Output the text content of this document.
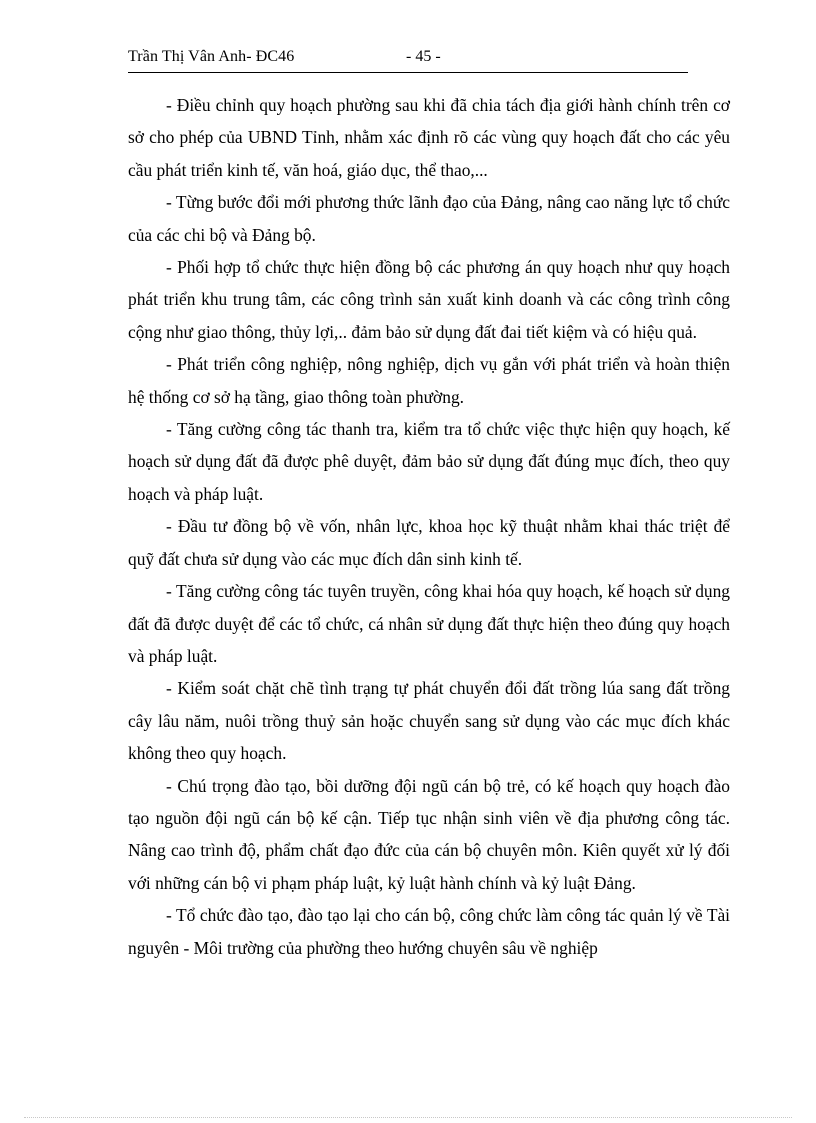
Trần Thị Vân Anh- ĐC46	- 45 -

- Điều chỉnh quy hoạch phường sau khi đã chia tách địa giới hành chính trên cơ sở cho phép của UBND Tỉnh, nhằm xác định rõ các vùng quy hoạch đất cho các yêu cầu phát triển kinh tế, văn hoá, giáo dục, thể thao,...

- Từng bước đổi mới phương thức lãnh đạo của Đảng, nâng cao năng lực tổ chức của các chi bộ và Đảng bộ.

- Phối hợp tổ chức thực hiện đồng bộ các phương án quy hoạch như quy hoạch phát triển khu trung tâm, các công trình sản xuất kinh doanh và các công trình công cộng như giao thông, thủy lợi,.. đảm bảo sử dụng đất đai tiết kiệm và có hiệu quả.

- Phát triển công nghiệp, nông nghiệp, dịch vụ gắn với phát triển và hoàn thiện hệ thống cơ sở hạ tầng, giao thông toàn phường.

- Tăng cường công tác thanh tra, kiểm tra tổ chức việc thực hiện quy hoạch, kế hoạch sử dụng đất đã được phê duyệt, đảm bảo sử dụng đất đúng mục đích, theo quy hoạch và pháp luật.

- Đầu tư đồng bộ về vốn, nhân lực, khoa học kỹ thuật nhằm khai thác triệt để quỹ đất chưa sử dụng vào các mục đích dân sinh kinh tế.

- Tăng cường công tác tuyên truyền, công khai hóa quy hoạch, kế hoạch sử dụng đất đã được duyệt để các tổ chức, cá nhân sử dụng đất thực hiện theo đúng quy hoạch và pháp luật.

- Kiểm soát chặt chẽ tình trạng tự phát chuyển đổi đất trồng lúa sang đất trồng cây lâu năm, nuôi trồng thuỷ sản hoặc chuyển sang sử dụng vào các mục đích khác không theo quy hoạch.

- Chú trọng đào tạo, bồi dưỡng đội ngũ cán bộ trẻ, có kế hoạch quy hoạch đào tạo nguồn đội ngũ cán bộ kế cận. Tiếp tục nhận sinh viên về địa phương công tác. Nâng cao trình độ, phẩm chất đạo đức của cán bộ chuyên môn. Kiên quyết xử lý đối với những cán bộ vi phạm pháp luật, kỷ luật hành chính và kỷ luật Đảng.

- Tổ chức đào tạo, đào tạo lại cho cán bộ, công chức làm công tác quản lý về Tài nguyên - Môi trường của phường theo hướng chuyên sâu về nghiệp
